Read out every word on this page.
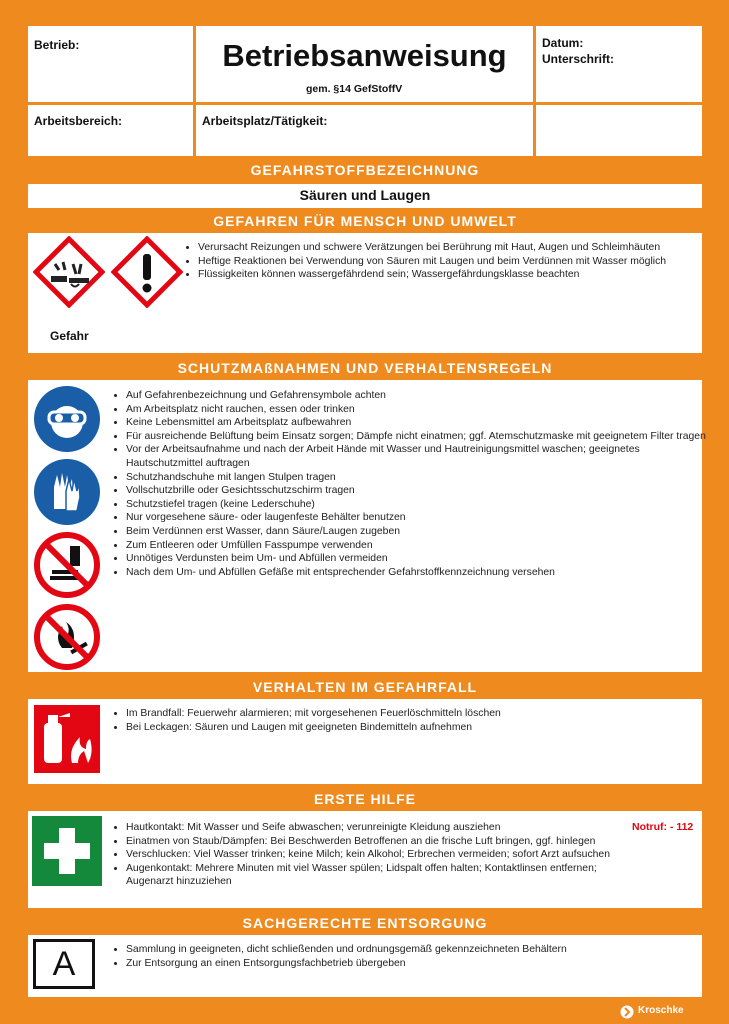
Betrieb:	Betriebsanweisung
gem. §14 GefStoffV
Datum:
Unterschrift:
Arbeitsbereich:	Arbeitsplatz/Tätigkeit:
GEFAHRSTOFFBEZEICHNUNG
Säuren und Laugen
GEFAHREN FÜR MENSCH UND UMWELT
Gefahr
• Verursacht Reizungen und schwere Verätzungen bei Berührung mit Haut, Augen und Schleimhäuten
• Heftige Reaktionen bei Verwendung von Säuren mit Laugen und beim Verdünnen mit Wasser möglich
• Flüssigkeiten können wassergefährdend sein; Wassergefährdungsklasse beachten
SCHUTZMAßNAHMEN UND VERHALTENSREGELN
• Auf Gefahrenbezeichnung und Gefahrensymbole achten
• Am Arbeitsplatz nicht rauchen, essen oder trinken
• Keine Lebensmittel am Arbeitsplatz aufbewahren
• Für ausreichende Belüftung beim Einsatz sorgen; Dämpfe nicht einatmen; ggf. Atemschutzmaske mit geeignetem Filter tragen
• Vor der Arbeitsaufnahme und nach der Arbeit Hände mit Wasser und Hautreinigungsmittel waschen; geeignetes Hautschutzmittel auftragen
• Schutzhandschuhe mit langen Stulpen tragen
• Vollschutzbrille oder Gesichtsschutzschirm tragen
• Schutzstiefel tragen (keine Lederschuhe)
• Nur vorgesehene säure- oder laugenfeste Behälter benutzen
• Beim Verdünnen erst Wasser, dann Säure/Laugen zugeben
• Zum Entleeren oder Umfüllen Fasspumpe verwenden
• Unnötiges Verdunsten beim Um- und Abfüllen vermeiden
• Nach dem Um- und Abfüllen Gefäße mit entsprechender Gefahrstoffkennzeichnung versehen
VERHALTEN IM GEFAHRFALL
• Im Brandfall: Feuerwehr alarmieren; mit vorgesehenen Feuerlöschmitteln löschen
• Bei Leckagen: Säuren und Laugen mit geeigneten Bindemitteln aufnehmen
ERSTE HILFE
• Hautkontakt: Mit Wasser und Seife abwaschen; verunreinigte Kleidung ausziehen
• Einatmen von Staub/Dämpfen: Bei Beschwerden Betroffenen an die frische Luft bringen, ggf. hinlegen
• Verschlucken: Viel Wasser trinken; keine Milch; kein Alkohol; Erbrechen vermeiden; sofort Arzt aufsuchen
• Augenkontakt: Mehrere Minuten mit viel Wasser spülen; Lidspalt offen halten; Kontaktlinsen entfernen; Augenarzt hinzuziehen
Notruf: - 112
SACHGERECHTE ENTSORGUNG
A
•	Sammlung in geeigneten, dicht schließenden und ordnungsgemäß gekennzeichneten Behältern
• Zur Entsorgung an einen Entsorgungsfachbetrieb übergeben
Kroschke
